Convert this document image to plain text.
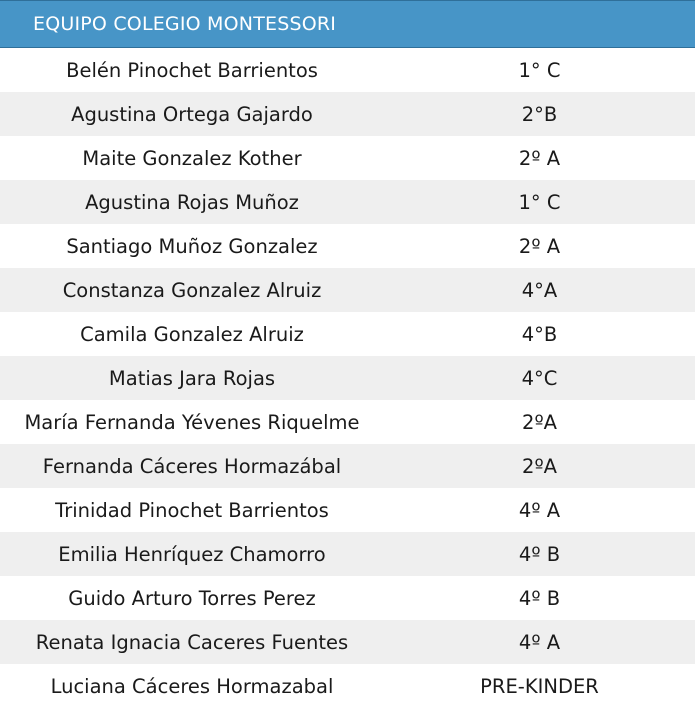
EQUIPO COLEGIO MONTESSORI
Belén Pinochet Barrientos	1° C
Agustina Ortega Gajardo	2°B
Maite Gonzalez Kother	2º A
Agustina Rojas Muñoz	1° C
Santiago Muñoz Gonzalez	2º A
Constanza Gonzalez Alruiz	4°A
Camila Gonzalez Alruiz	4°B
Matias Jara Rojas	4°C
María Fernanda Yévenes Riquelme	2ºA
Fernanda Cáceres Hormazábal	2ºA
Trinidad Pinochet Barrientos	4º A
Emilia Henríquez Chamorro	4º B
Guido Arturo Torres Perez	4º B
Renata Ignacia Caceres Fuentes	4º A
Luciana Cáceres Hormazabal	PRE-KINDER
